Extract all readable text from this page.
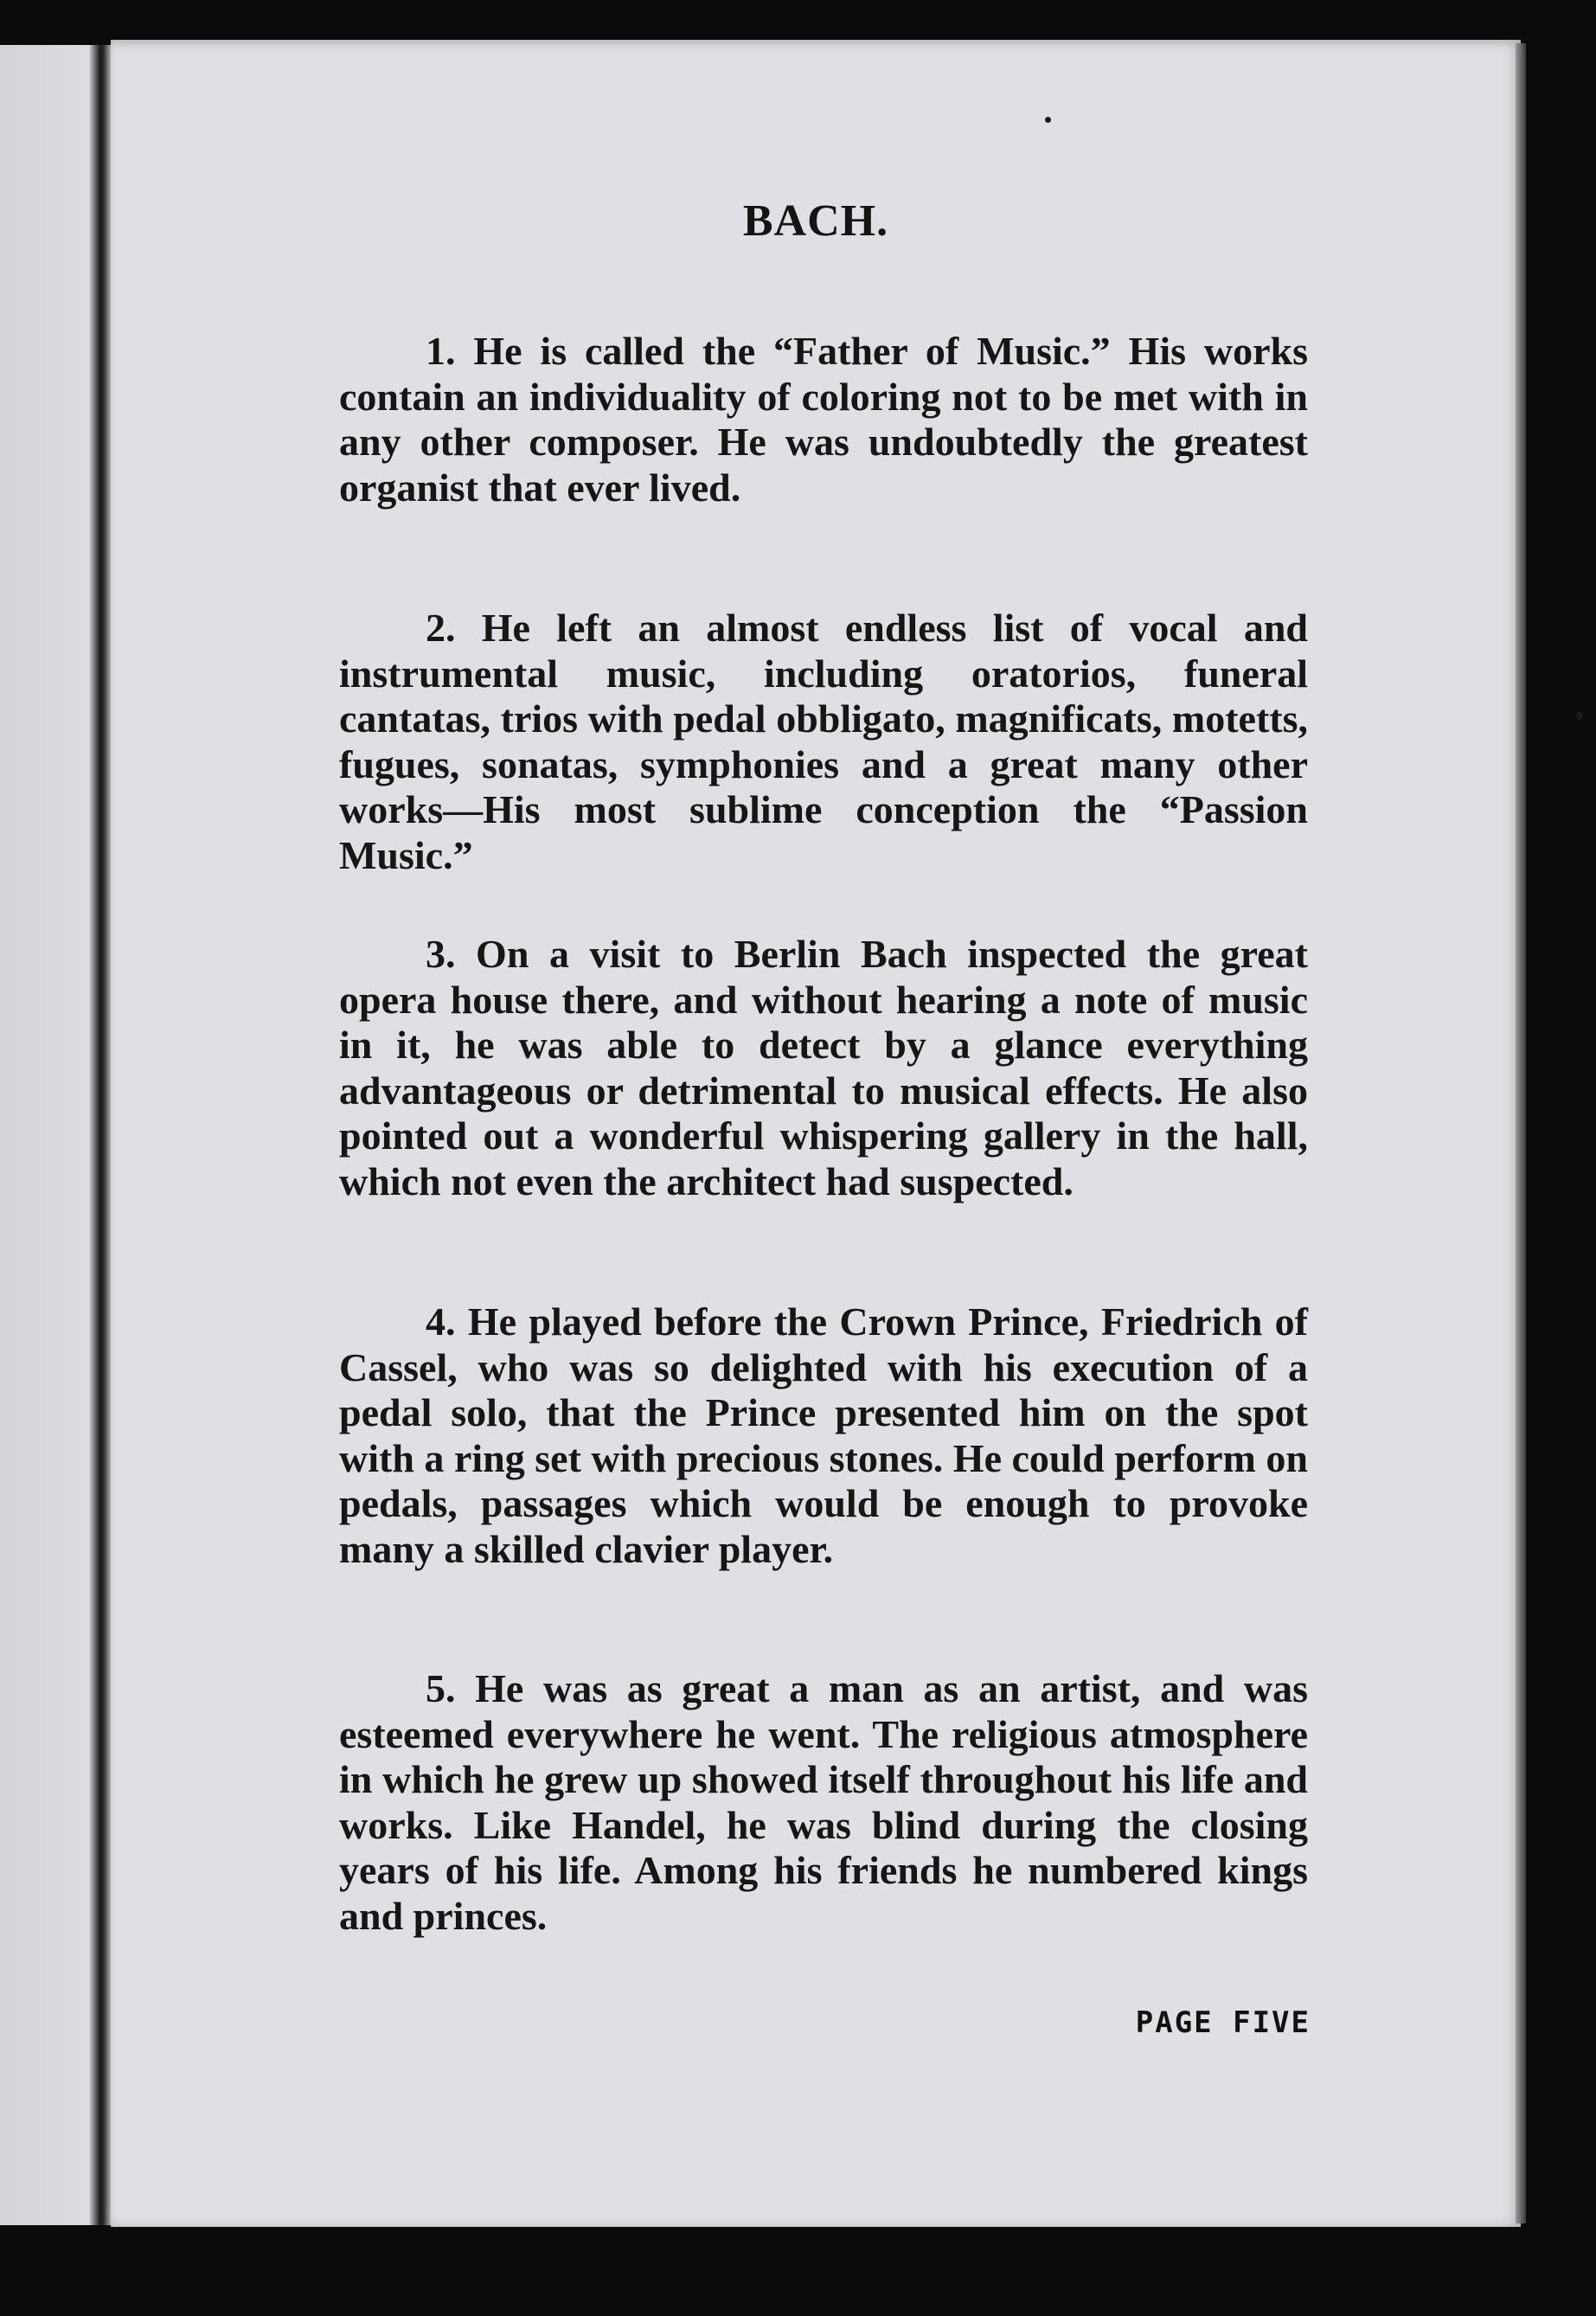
BACH.

1. He is called the “Father of Music.” His works contain an individuality of coloring not to be met with in any other composer. He was undoubtedly the greatest organist that ever lived.

2. He left an almost endless list of vocal and instrumental music, including oratorios, funeral cantatas, trios with pedal obbligato, magnificats, motetts, fugues, sonatas, symphonies and a great many other works—His most sublime conception the “Passion Music.”

3. On a visit to Berlin Bach inspected the great opera house there, and without hearing a note of music in it, he was able to detect by a glance everything advantageous or detrimental to musical effects. He also pointed out a wonderful whispering gallery in the hall, which not even the architect had suspected.

4. He played before the Crown Prince, Friedrich of Cassel, who was so delighted with his execution of a pedal solo, that the Prince presented him on the spot with a ring set with precious stones. He could perform on pedals, passages which would be enough to provoke many a skilled clavier player.

5. He was as great a man as an artist, and was esteemed everywhere he went. The religious atmosphere in which he grew up showed itself throughout his life and works. Like Handel, he was blind during the closing years of his life. Among his friends he numbered kings and princes.

PAGE FIVE
